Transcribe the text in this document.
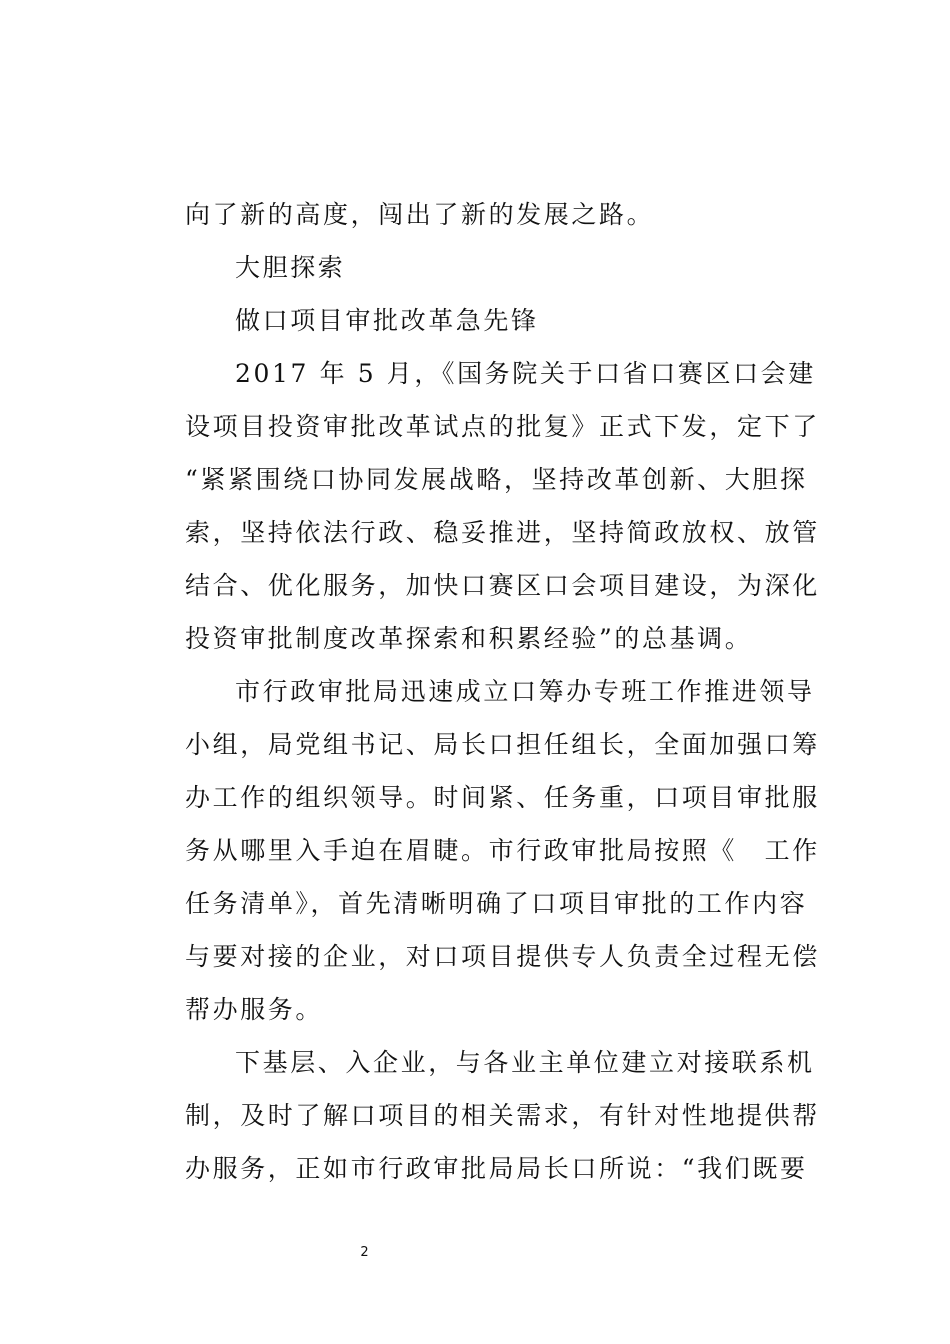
向了新的高度，闯出了新的发展之路。
大胆探索
做口项目审批改革急先锋
2017 年 5 月，《国务院关于口省口赛区口会建
设项目投资审批改革试点的批复》正式下发，定下了
“紧紧围绕口协同发展战略，坚持改革创新、大胆探
索，坚持依法行政、稳妥推进，坚持简政放权、放管
结合、优化服务，加快口赛区口会项目建设，为深化
投资审批制度改革探索和积累经验”的总基调。
市行政审批局迅速成立口筹办专班工作推进领导
小组，局党组书记、局长口担任组长，全面加强口筹
办工作的组织领导。时间紧、任务重，口项目审批服
务从哪里入手迫在眉睫。市行政审批局按照《　工作
任务清单》，首先清晰明确了口项目审批的工作内容
与要对接的企业，对口项目提供专人负责全过程无偿
帮办服务。
下基层、入企业，与各业主单位建立对接联系机
制，及时了解口项目的相关需求，有针对性地提供帮
办服务，正如市行政审批局局长口所说：“我们既要
2
